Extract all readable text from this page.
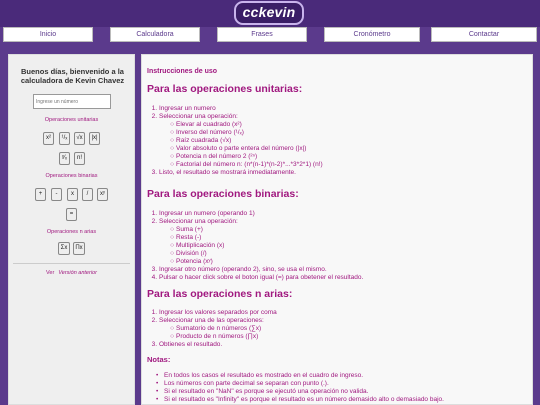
cckevin
Inicio	Calculadora	Frases	Cronómetro	Contactar
Buenos días, bienvenido a la calculadora de Kevin Chavez
Ingrese un número
Operaciones unitarias
x²	¹/ₓ	√x	|x|
ʸ⁄ₓ	n!
Operaciones binarias
+	-	x	/	xʸ
=
Operaciones n arias
Σx	Πx
Ver Versión anterior
Instrucciones de uso
Para las operaciones unitarias:
1. Ingresar un numero
2. Seleccionar una operación:
○ Elevar al cuadrado (x²)
○ Inverso del número (¹/ₓ)
○ Raíz cuadrada (√x)
○ Valor absoluto o parte entera del número (|x|)
○ Potencia n del número 2 (²ⁿ)
○ Factorial del número n: (n*(n-1)*(n-2)*...*3*2*1) (n!)
3. Listo, el resultado se mostrará inmediatamente.
Para las operaciones binarias:
1. Ingresar un numero (operando 1)
2. Seleccionar una operación:
○ Suma (+)
○ Resta (-)
○ Multiplicación (x)
○ División (/)
○ Potencia (xʸ)
3. Ingresar otro número (operando 2), sino, se usa el mismo.
4. Pulsar o hacer click sobre el boton igual (=) para obetener el resultado.
Para las operaciones n arias:
1. Ingresar los valores separados por coma
2. Seleccionar una de las operaciones:
○ Sumatorio de n números (∑x)
○ Producto de n números (∏x)
3. Obtienes el resultado.
Notas:
• En todos los casos el resultado es mostrado en el cuadro de ingreso.
• Los números con parte decimal se separan con punto (.).
• Si el resultado en "NaN" es porque se ejecutó una operación no valida.
• Si el resultado es "Infinity" es porque el resultado es un número demasido alto o demasiado bajo.
